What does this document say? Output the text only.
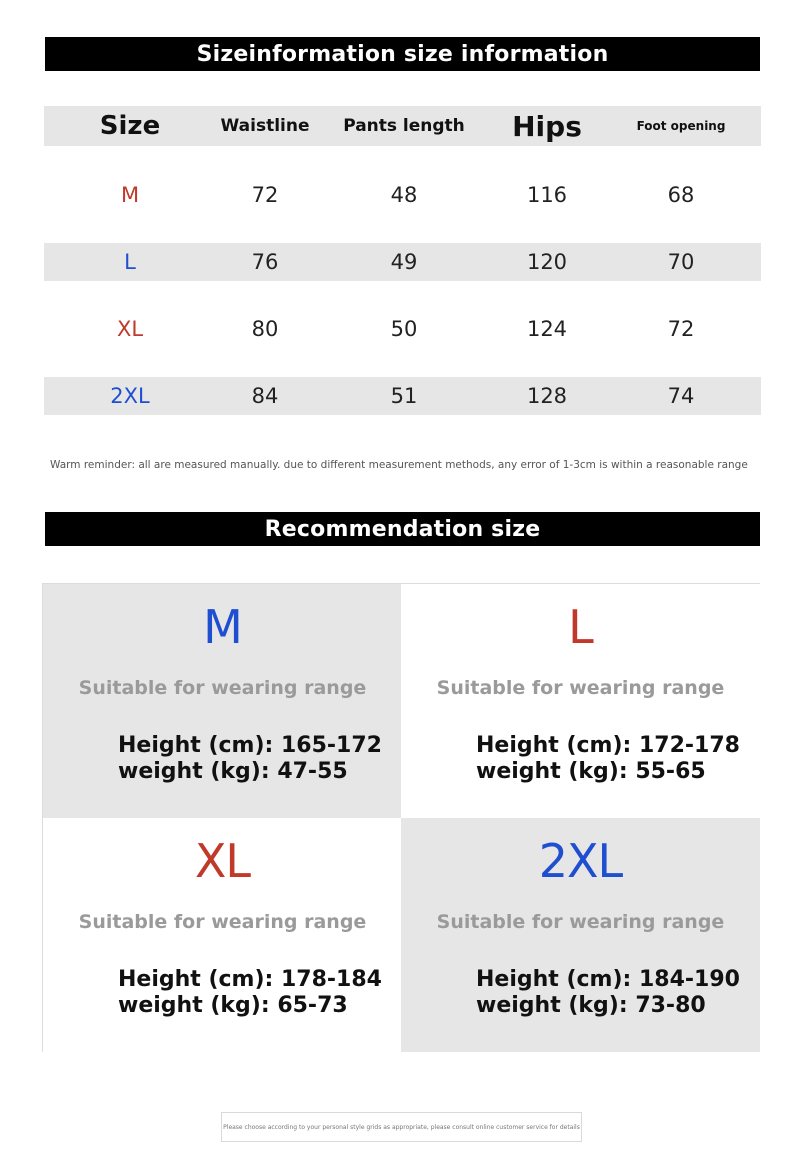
Sizeinformation size information
Size	Waistline	Pants length	Hips	Foot opening
M	72	48	116	68
L	76	49	120	70
XL	80	50	124	72
2XL	84	51	128	74
Warm reminder: all are measured manually. due to different measurement methods, any error of 1-3cm is within a reasonable range
Recommendation size
M
Suitable for wearing range
Height (cm): 165-172
weight (kg): 47-55
L
Suitable for wearing range
Height (cm): 172-178
weight (kg): 55-65
XL
Suitable for wearing range
Height (cm): 178-184
weight (kg): 65-73
2XL
Suitable for wearing range
Height (cm): 184-190
weight (kg): 73-80
Please choose according to your personal style grids as appropriate, please consult online customer service for details
